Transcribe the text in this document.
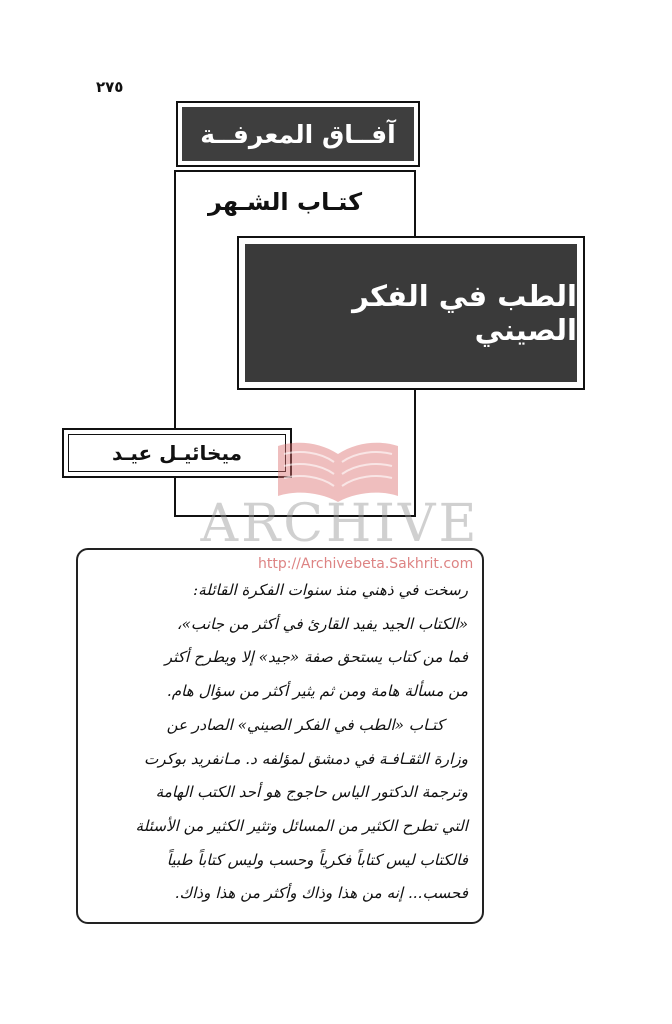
٢٧٥
آفــاق المعرفــة
كتـاب الشـهر
الطب في الفكر الصيني
ميخائيـل عيـد
ARCHIVE
http://Archivebeta.Sakhrit.com

رسخت في ذهني منذ سنوات الفكرة القائلة:

«الكتاب الجيد يفيد القارئ في أكثر من جانب»،

فما من كتاب يستحق صفة «جيد» إلا ويطرح أكثر

من مسألة هامة ومن ثم يثير أكثر من سؤال هام.

كتـاب «الطب في الفكر الصيني» الصادر عن

وزارة الثقـافـة في دمشق لمؤلفه د. مـانفريد بوكرت

وترجمة الدكتور الياس حاجوج هو أحد الكتب الهامة

التي تطرح الكثير من المسائل وتثير الكثير من الأسئلة

فالكتاب ليس كتاباً فكرياً وحسب وليس كتاباً طبياً

فحسب... إنه من هذا وذاك وأكثر من هذا وذاك.
